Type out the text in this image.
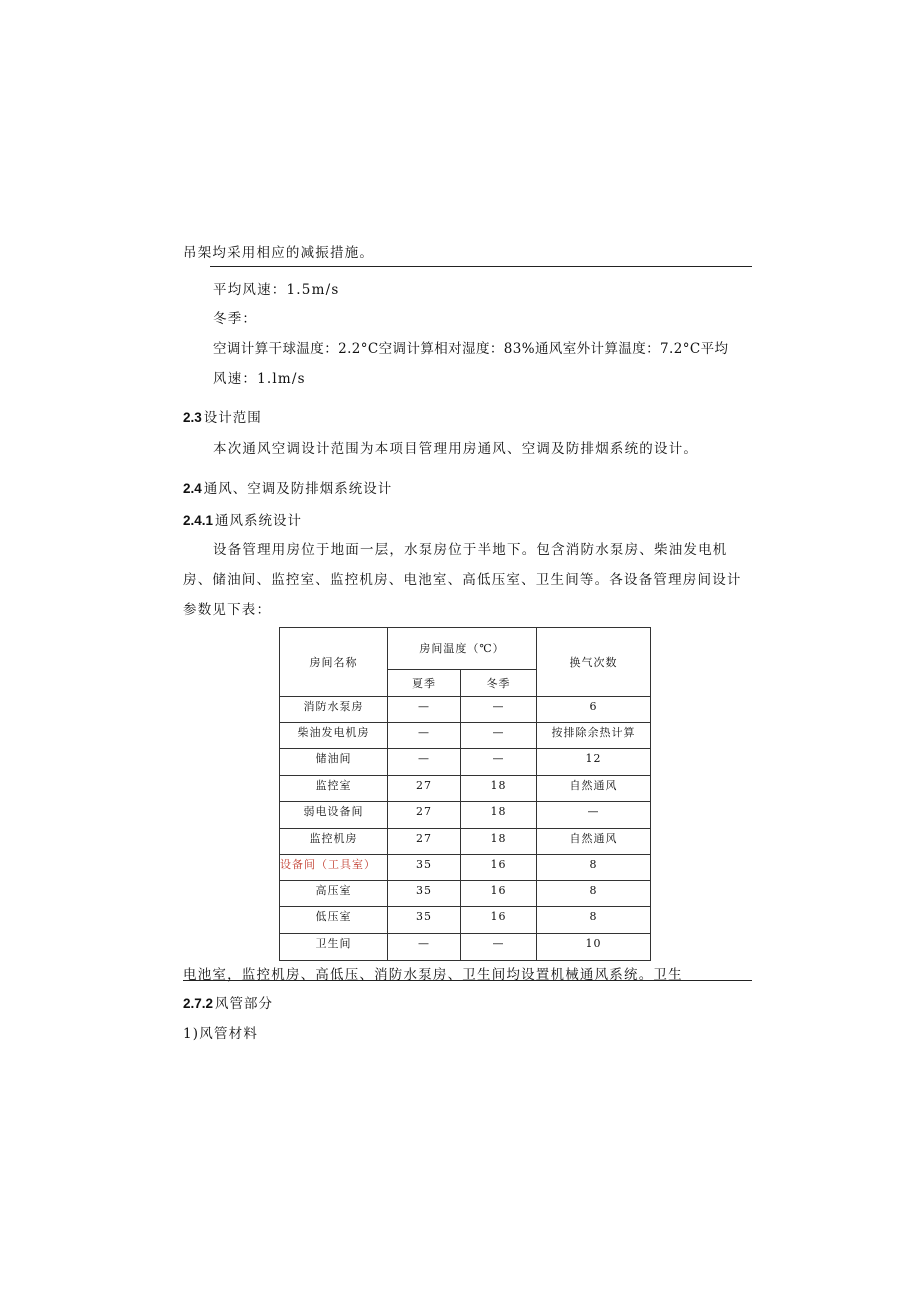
吊架均采用相应的减振措施。
平均风速：1.5m/s
冬季：
空调计算干球温度：2.2°C空调计算相对湿度：83%通风室外计算温度：7.2°C平均
风速：1.lm/s
2.3 设计范围
本次通风空调设计范围为本项目管理用房通风、空调及防排烟系统的设计。
2.4 通风、空调及防排烟系统设计
2.4.1 通风系统设计
设备管理用房位于地面一层，水泵房位于半地下。包含消防水泵房、柴油发电机
房、储油间、监控室、监控机房、电池室、高低压室、卫生间等。各设备管理房间设计
参数见下表：
房间名称	房间温度（℃）		换气次数
	夏季	冬季	
消防水泵房	—	—	6
柴油发电机房	—	—	按排除余热计算
储油间	—	—	12
监控室	27	18	自然通风
弱电设备间	27	18	—
监控机房	27	18	自然通风
设备间（工具室）	35	16	8
高压室	35	16	8
低压室	35	16	8
卫生间	—	—	10
电池室，监控机房、高低压、消防水泵房、卫生间均设置机械通风系统。卫生
2.7.2 风管部分
1)风管材料
